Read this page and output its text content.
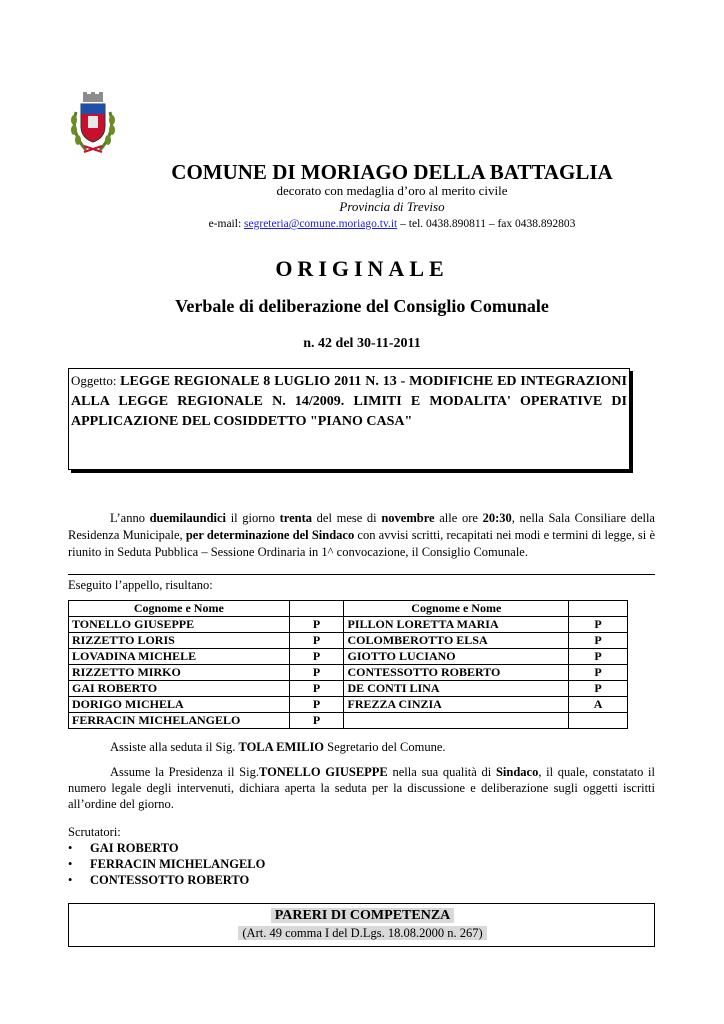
COMUNE DI MORIAGO DELLA BATTAGLIA
decorato con medaglia d’oro al merito civile
Provincia di Treviso
e-mail: segreteria@comune.moriago.tv.it – tel. 0438.890811 – fax 0438.892803
ORIGINALE
Verbale di deliberazione del Consiglio Comunale
n. 42 del 30-11-2011
Oggetto: LEGGE REGIONALE 8 LUGLIO 2011 N. 13 - MODIFICHE ED INTEGRAZIONI ALLA LEGGE REGIONALE N. 14/2009. LIMITI E MODALITA' OPERATIVE DI APPLICAZIONE DEL COSIDDETTO "PIANO CASA"
L’anno duemilaundici il giorno trenta del mese di novembre alle ore 20:30, nella Sala Consiliare della Residenza Municipale, per determinazione del Sindaco con avvisi scritti, recapitati nei modi e termini di legge, si è riunito in Seduta Pubblica – Sessione Ordinaria in 1^ convocazione, il Consiglio Comunale.
Eseguito l’appello, risultano:
Cognome e Nome		Cognome e Nome	
TONELLO GIUSEPPE	P	PILLON LORETTA MARIA	P
RIZZETTO LORIS	P	COLOMBEROTTO ELSA	P
LOVADINA MICHELE	P	GIOTTO LUCIANO	P
RIZZETTO MIRKO	P	CONTESSOTTO ROBERTO	P
GAI ROBERTO	P	DE CONTI LINA	P
DORIGO MICHELA	P	FREZZA CINZIA	A
FERRACIN MICHELANGELO	P		
Assiste alla seduta il Sig. TOLA EMILIO Segretario del Comune.
Assume la Presidenza il Sig.TONELLO GIUSEPPE nella sua qualità di Sindaco, il quale, constatato il numero legale degli intervenuti, dichiara aperta la seduta per la discussione e deliberazione sugli oggetti iscritti all’ordine del giorno.
Scrutatori:
• GAI ROBERTO
• FERRACIN MICHELANGELO
• CONTESSOTTO ROBERTO
PARERI DI COMPETENZA
(Art. 49 comma I del D.Lgs. 18.08.2000 n. 267)
